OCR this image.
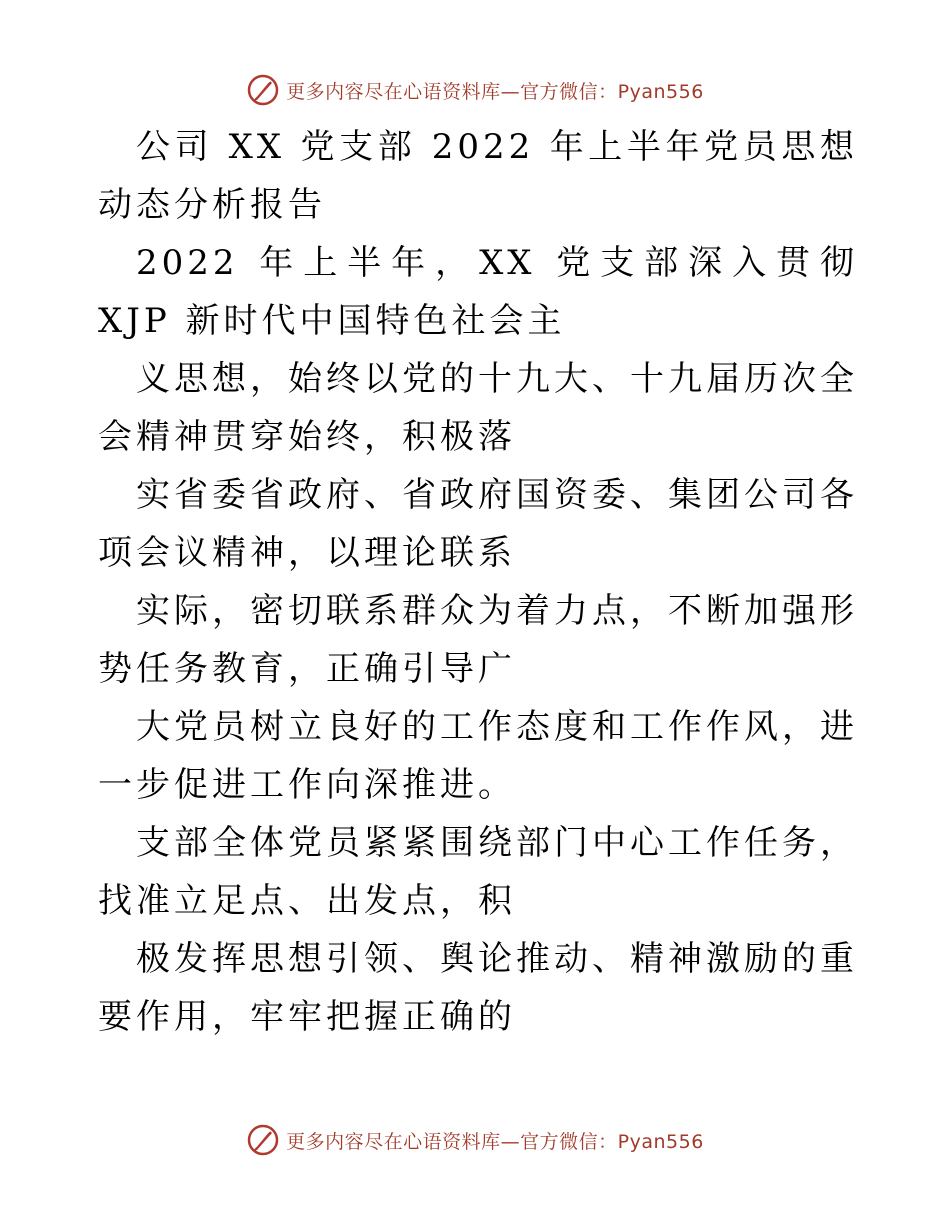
更多内容尽在心语资料库—官方微信：Pyan556

公司 XX 党支部 2022 年上半年党员思想动态分析报告

2022 年上半年，XX 党支部深入贯彻 XJP 新时代中国特色社会主

义思想，始终以党的十九大、十九届历次全会精神贯穿始终，积极落

实省委省政府、省政府国资委、集团公司各项会议精神，以理论联系

实际，密切联系群众为着力点，不断加强形势任务教育，正确引导广

大党员树立良好的工作态度和工作作风，进一步促进工作向深推进。

支部全体党员紧紧围绕部门中心工作任务，找准立足点、出发点，积

极发挥思想引领、舆论推动、精神激励的重要作用，牢牢把握正确的

更多内容尽在心语资料库—官方微信：Pyan556
